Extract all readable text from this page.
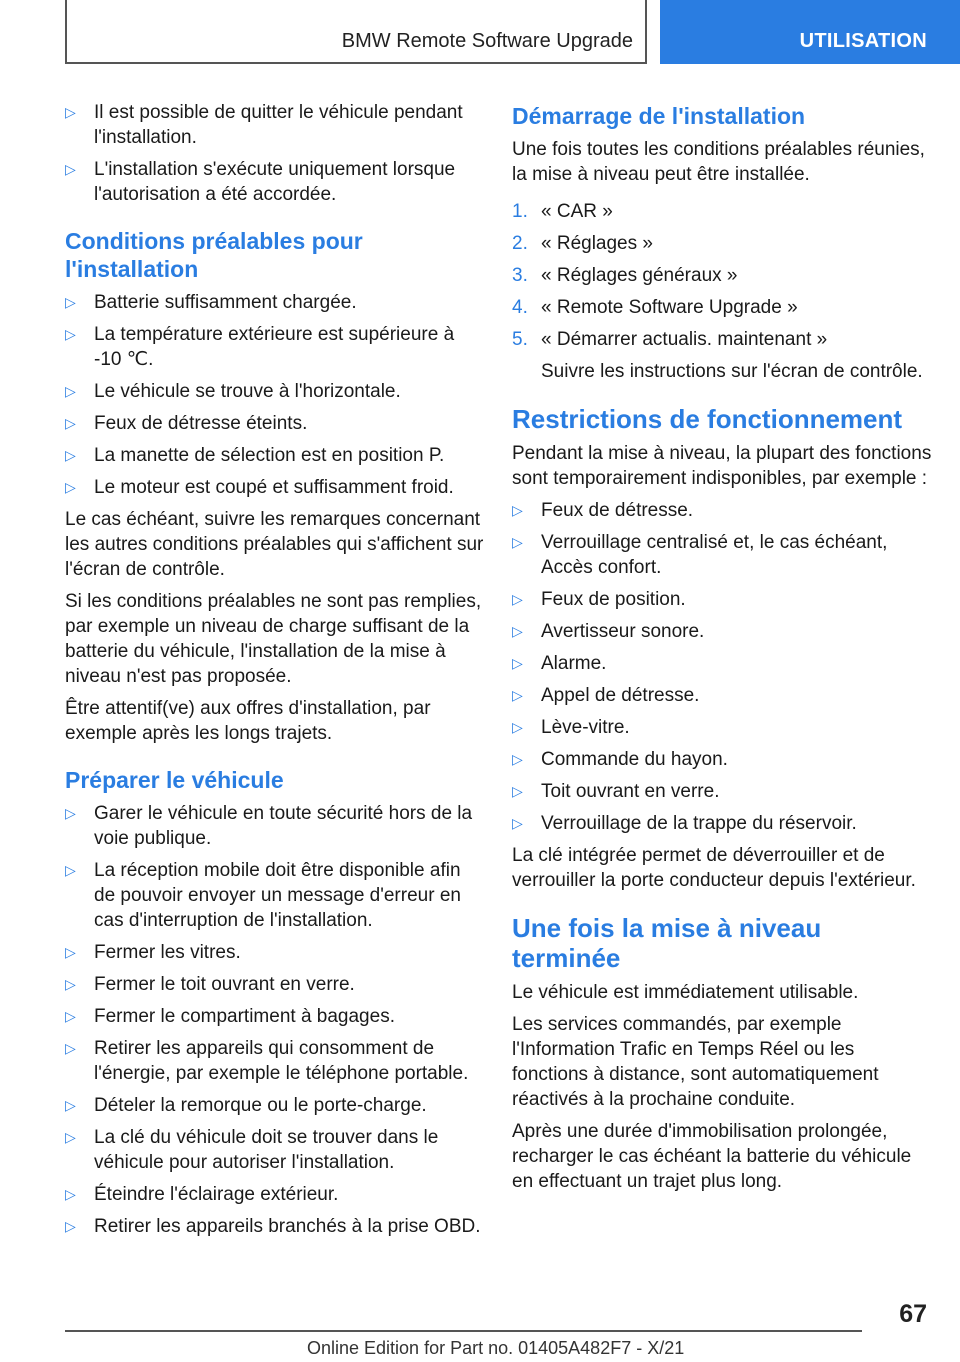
BMW Remote Software Upgrade	UTILISATION
▷ Il est possible de quitter le véhicule pendant l'installation.
▷ L'installation s'exécute uniquement lorsque l'autorisation a été accordée.
Conditions préalables pour l'installation
▷ Batterie suffisamment chargée.
▷ La température extérieure est supérieure à -10 ℃.
▷ Le véhicule se trouve à l'horizontale.
▷ Feux de détresse éteints.
▷ La manette de sélection est en position P.
▷ Le moteur est coupé et suffisamment froid.

Le cas échéant, suivre les remarques concernant les autres conditions préalables qui s'affichent sur l'écran de contrôle.

Si les conditions préalables ne sont pas remplies, par exemple un niveau de charge suffisant de la batterie du véhicule, l'installation de la mise à niveau n'est pas proposée.

Être attentif(ve) aux offres d'installation, par exemple après les longs trajets.

Préparer le véhicule
▷ Garer le véhicule en toute sécurité hors de la voie publique.
▷ La réception mobile doit être disponible afin de pouvoir envoyer un message d'erreur en cas d'interruption de l'installation.
▷ Fermer les vitres.
▷ Fermer le toit ouvrant en verre.
▷ Fermer le compartiment à bagages.
▷ Retirer les appareils qui consomment de l'énergie, par exemple le téléphone portable.
▷ Dételer la remorque ou le porte-charge.
▷ La clé du véhicule doit se trouver dans le véhicule pour autoriser l'installation.
▷ Éteindre l'éclairage extérieur.
▷ Retirer les appareils branchés à la prise OBD.
Démarrage de l'installation

Une fois toutes les conditions préalables réunies, la mise à niveau peut être installée.

1. « CAR »
2. « Réglages »
3. « Réglages généraux »
4. « Remote Software Upgrade »
5. « Démarrer actualis. maintenant »
Suivre les instructions sur l'écran de contrôle.
Restrictions de fonctionnement

Pendant la mise à niveau, la plupart des fonctions sont temporairement indisponibles, par exemple :

▷ Feux de détresse.
▷ Verrouillage centralisé et, le cas échéant, Accès confort.
▷ Feux de position.
▷ Avertisseur sonore.
▷ Alarme.
▷ Appel de détresse.
▷ Lève-vitre.
▷ Commande du hayon.
▷ Toit ouvrant en verre.
▷ Verrouillage de la trappe du réservoir.

La clé intégrée permet de déverrouiller et de verrouiller la porte conducteur depuis l'extérieur.

Une fois la mise à niveau terminée

Le véhicule est immédiatement utilisable.

Les services commandés, par exemple l'Information Trafic en Temps Réel ou les fonctions à distance, sont automatiquement réactivés à la prochaine conduite.

Après une durée d'immobilisation prolongée, recharger le cas échéant la batterie du véhicule en effectuant un trajet plus long.

67
Online Edition for Part no. 01405A482F7 - X/21
